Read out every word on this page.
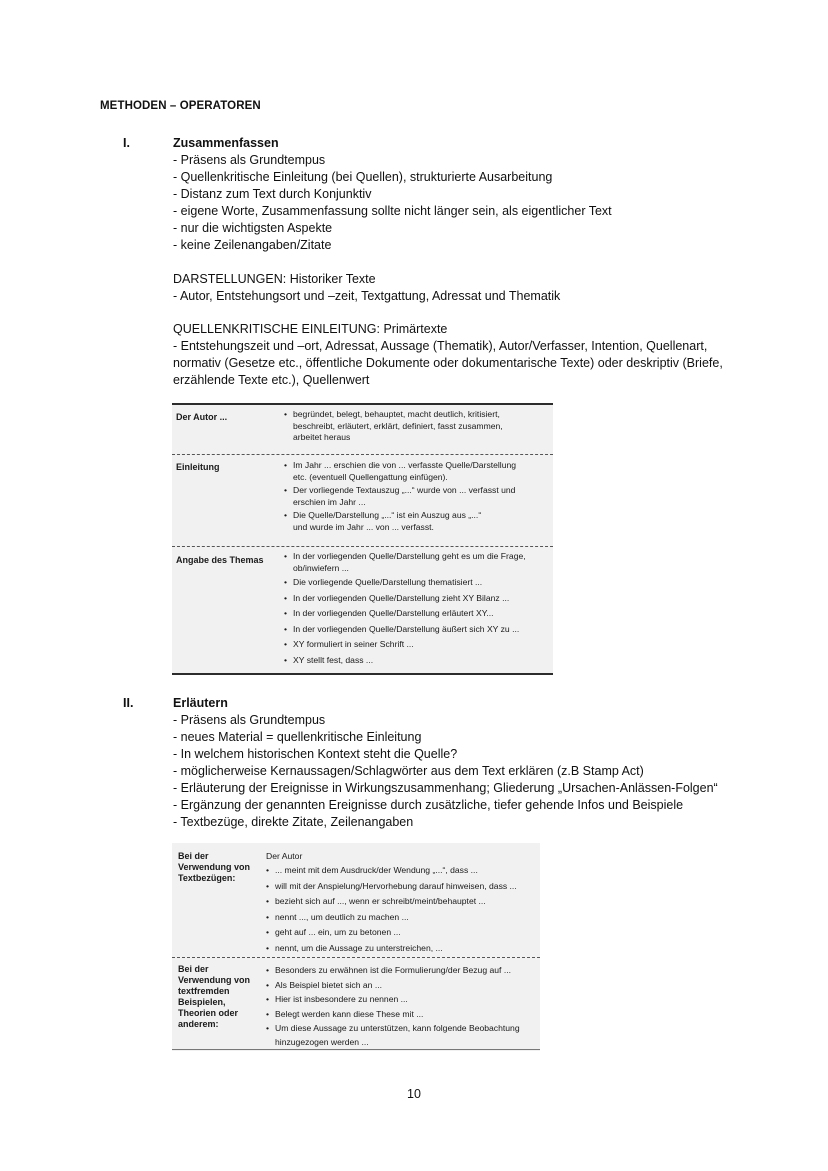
METHODEN – OPERATOREN
I.	Zusammenfassen
- Präsens als Grundtempus
- Quellenkritische Einleitung (bei Quellen), strukturierte Ausarbeitung
- Distanz zum Text durch Konjunktiv
- eigene Worte, Zusammenfassung sollte nicht länger sein, als eigentlicher Text
- nur die wichtigsten Aspekte
- keine Zeilenangaben/Zitate
DARSTELLUNGEN: Historiker Texte
- Autor, Entstehungsort und –zeit, Textgattung, Adressat und Thematik
QUELLENKRITISCHE EINLEITUNG: Primärtexte
- Entstehungszeit und –ort, Adressat, Aussage (Thematik), Autor/Verfasser, Intention, Quellenart, normativ (Gesetze etc., öffentliche Dokumente oder dokumentarische Texte) oder deskriptiv (Briefe, erzählende Texte etc.), Quellenwert
Der Autor ...	• begründet, belegt, behauptet, macht deutlich, kritisiert,
beschreibt, erläutert, erklärt, definiert, fasst zusammen,
arbeitet heraus
Einleitung	• Im Jahr ... erschien die von ... verfasste Quelle/Darstellung
etc. (eventuell Quellengattung einfügen).
• Der vorliegende Textauszug „...“ wurde von ... verfasst und
erschien im Jahr ...
• Die Quelle/Darstellung „...“ ist ein Auszug aus „...“
und wurde im Jahr ... von ... verfasst.
Angabe des Themas • In der vorliegenden Quelle/Darstellung geht es um die Frage,
ob/inwiefern ...
• Die vorliegende Quelle/Darstellung thematisiert ...
• In der vorliegenden Quelle/Darstellung zieht XY Bilanz ...
• In der vorliegenden Quelle/Darstellung erläutert XY...
• In der vorliegenden Quelle/Darstellung äußert sich XY zu ...
• XY formuliert in seiner Schrift ...
• XY stellt fest, dass ...
II.	Erläutern
- Präsens als Grundtempus
- neues Material = quellenkritische Einleitung
- In welchem historischen Kontext steht die Quelle?
- möglicherweise Kernaussagen/Schlagwörter aus dem Text erklären (z.B Stamp Act)
- Erläuterung der Ereignisse in Wirkungszusammenhang; Gliederung „Ursachen-Anlässen-Folgen“
- Ergänzung der genannten Ereignisse durch zusätzliche, tiefer gehende Infos und Beispiele
- Textbezüge, direkte Zitate, Zeilenangaben
Bei der
Verwendung von
Textbezügen:
Der Autor
• ... meint mit dem Ausdruck/der Wendung „...“, dass ...
• will mit der Anspielung/Hervorhebung darauf hinweisen, dass ...
• bezieht sich auf ..., wenn er schreibt/meint/behauptet ...
• nennt ..., um deutlich zu machen ...
• geht auf ... ein, um zu betonen ...
• nennt, um die Aussage zu unterstreichen, ...
Bei der
Verwendung von
textfremden
Beispielen,
Theorien oder
anderem:
• Besonders zu erwähnen ist die Formulierung/der Bezug auf ...
• Als Beispiel bietet sich an ...
• Hier ist insbesondere zu nennen ...
• Belegt werden kann diese These mit ...
• Um diese Aussage zu unterstützen, kann folgende Beobachtung
hinzugezogen werden ...
10
